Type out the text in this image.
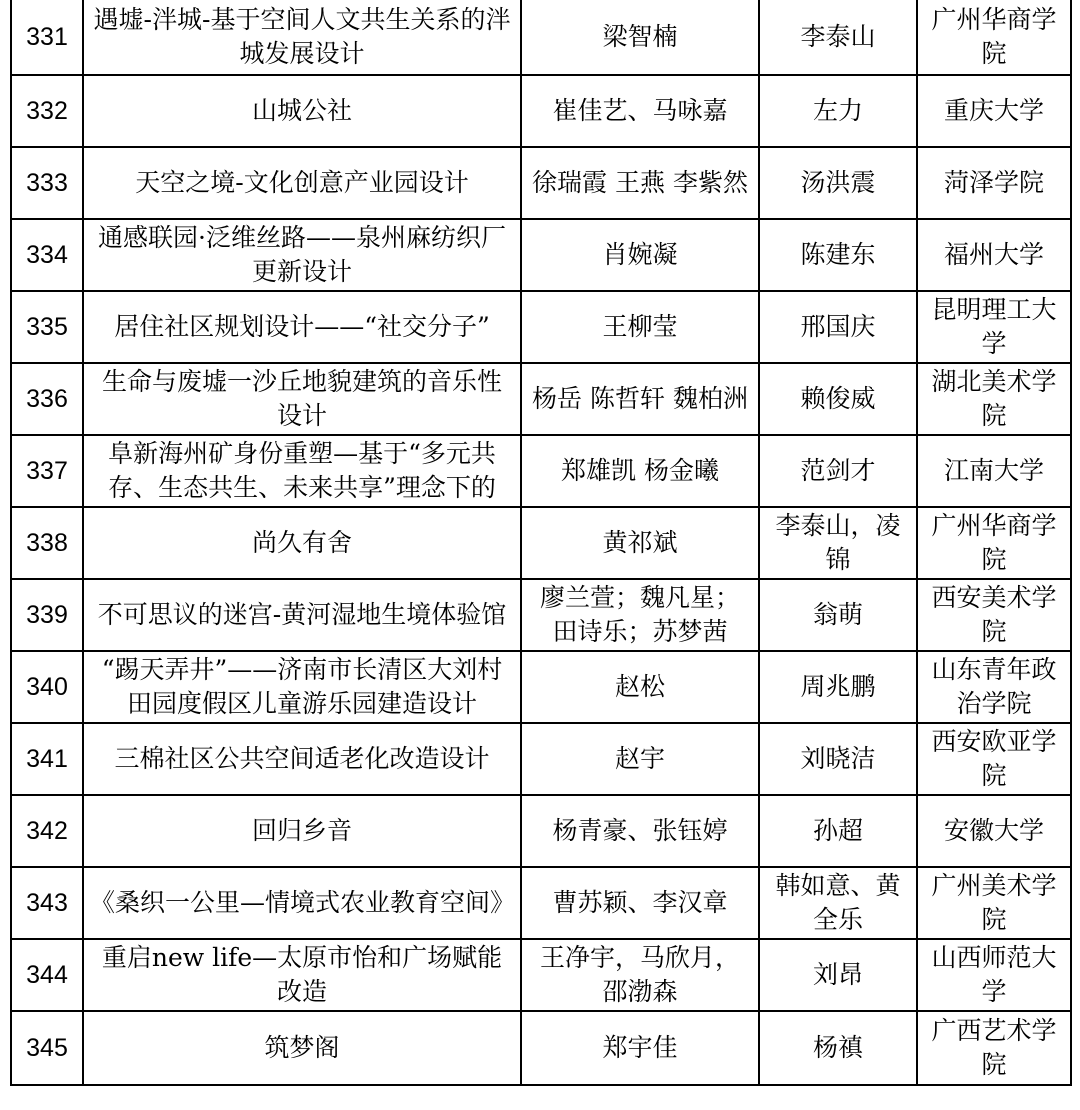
331	遇墟-泮城-基于空间人文共生关系的泮城发展设计	梁智楠	李泰山	广州华商学院
332	山城公社	崔佳艺、马咏嘉	左力	重庆大学
333	天空之境-文化创意产业园设计	徐瑞霞 王燕 李紫然	汤洪震	菏泽学院
334	通感联园·泛维丝路——泉州麻纺织厂更新设计	肖婉凝	陈建东	福州大学
335	居住社区规划设计——“社交分子”	王柳莹	邢国庆	昆明理工大学
336	生命与废墟一沙丘地貌建筑的音乐性设计	杨岳 陈哲轩 魏柏洲	赖俊威	湖北美术学院
337	阜新海州矿身份重塑—基于“多元共存、生态共生、未来共享”理念下的	郑雄凯 杨金曦	范剑才	江南大学
338	尚久有舍	黄祁斌	李泰山，凌锦	广州华商学院
339	不可思议的迷宫-黄河湿地生境体验馆	廖兰萱；魏凡星；田诗乐；苏梦茜	翁萌	西安美术学院
340	“踢天弄井”——济南市长清区大刘村 田园度假区儿童游乐园建造设计	赵松	周兆鹏	山东青年政治学院
341	三棉社区公共空间适老化改造设计	赵宇	刘晓洁	西安欧亚学院
342	回归乡音	杨青豪、张钰婷	孙超	安徽大学
343	《桑织一公里—情境式农业教育空间》	曹苏颖、李汉章	韩如意、黄全乐	广州美术学院
344	重启new life—太原市怡和广场赋能改造	王净宇，马欣月，邵渤森	刘昂	山西师范大学
345	筑梦阁	郑宇佳	杨禛	广西艺术学院
